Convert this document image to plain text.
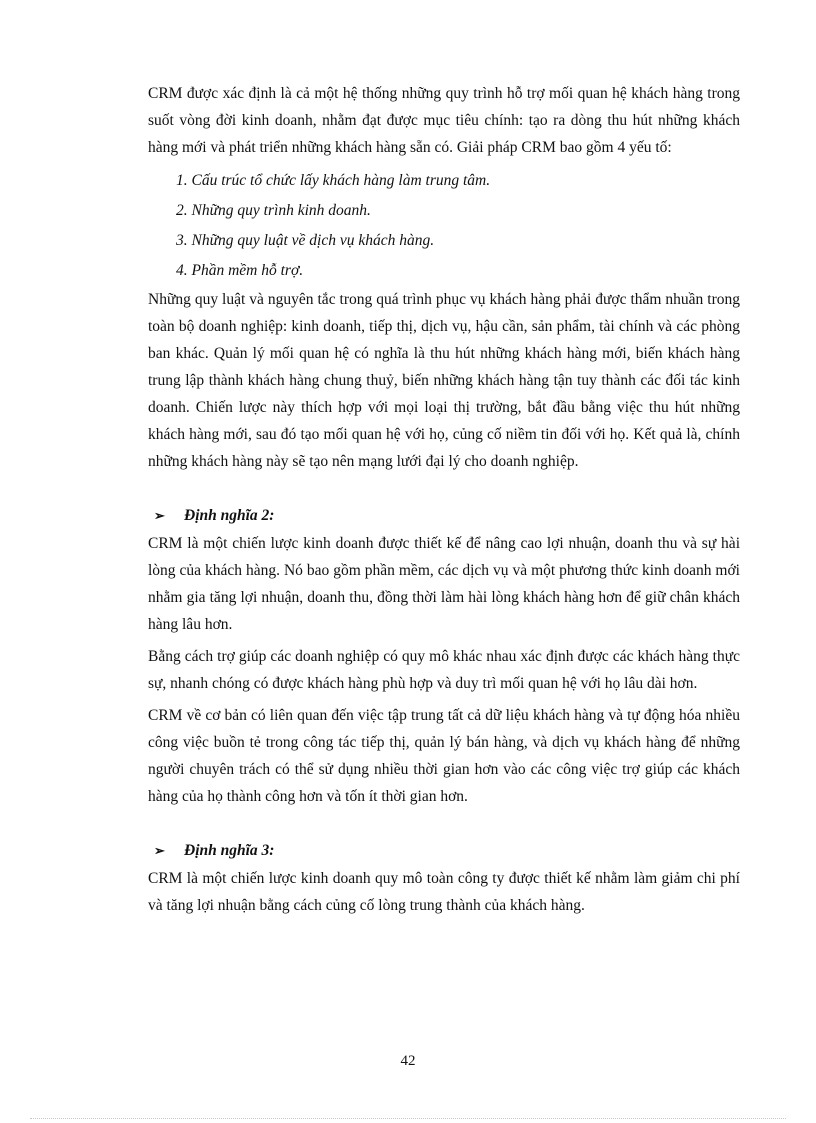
CRM được xác định là cả một hệ thống những quy trình hỗ trợ mối quan hệ khách hàng trong suốt vòng đời kinh doanh, nhằm đạt được mục tiêu chính: tạo ra dòng thu hút những khách hàng mới và phát triển những khách hàng sẵn có. Giải pháp CRM bao gồm 4 yếu tố:

1. Cấu trúc tổ chức lấy khách hàng làm trung tâm.
2. Những quy trình kinh doanh.
3. Những quy luật về dịch vụ khách hàng.
4. Phần mềm hỗ trợ.

Những quy luật và nguyên tắc trong quá trình phục vụ khách hàng phải được thẩm nhuần trong toàn bộ doanh nghiệp: kinh doanh, tiếp thị, dịch vụ, hậu cần, sản phẩm, tài chính và các phòng ban khác. Quản lý mối quan hệ có nghĩa là thu hút những khách hàng mới, biến khách hàng trung lập thành khách hàng chung thuỷ, biến những khách hàng tận tuy thành các đối tác kinh doanh. Chiến lược này thích hợp với mọi loại thị trường, bắt đầu bằng việc thu hút những khách hàng mới, sau đó tạo mối quan hệ với họ, củng cố niềm tin đối với họ. Kết quả là, chính những khách hàng này sẽ tạo nên mạng lưới đại lý cho doanh nghiệp.

➢	Định nghĩa 2:

CRM là một chiến lược kinh doanh được thiết kế để nâng cao lợi nhuận, doanh thu và sự hài lòng của khách hàng. Nó bao gồm phần mềm, các dịch vụ và một phương thức kinh doanh mới nhằm gia tăng lợi nhuận, doanh thu, đồng thời làm hài lòng khách hàng hơn để giữ chân khách hàng lâu hơn.

Bằng cách trợ giúp các doanh nghiệp có quy mô khác nhau xác định được các khách hàng thực sự, nhanh chóng có được khách hàng phù hợp và duy trì mối quan hệ với họ lâu dài hơn.

CRM về cơ bản có liên quan đến việc tập trung tất cả dữ liệu khách hàng và tự động hóa nhiều công việc buồn tẻ trong công tác tiếp thị, quản lý bán hàng, và dịch vụ khách hàng để những người chuyên trách có thể sử dụng nhiều thời gian hơn vào các công việc trợ giúp các khách hàng của họ thành công hơn và tốn ít thời gian hơn.

➢	Định nghĩa 3:

CRM là một chiến lược kinh doanh quy mô toàn công ty được thiết kế nhằm làm giảm chi phí và tăng lợi nhuận bằng cách củng cố lòng trung thành của khách hàng.

42
